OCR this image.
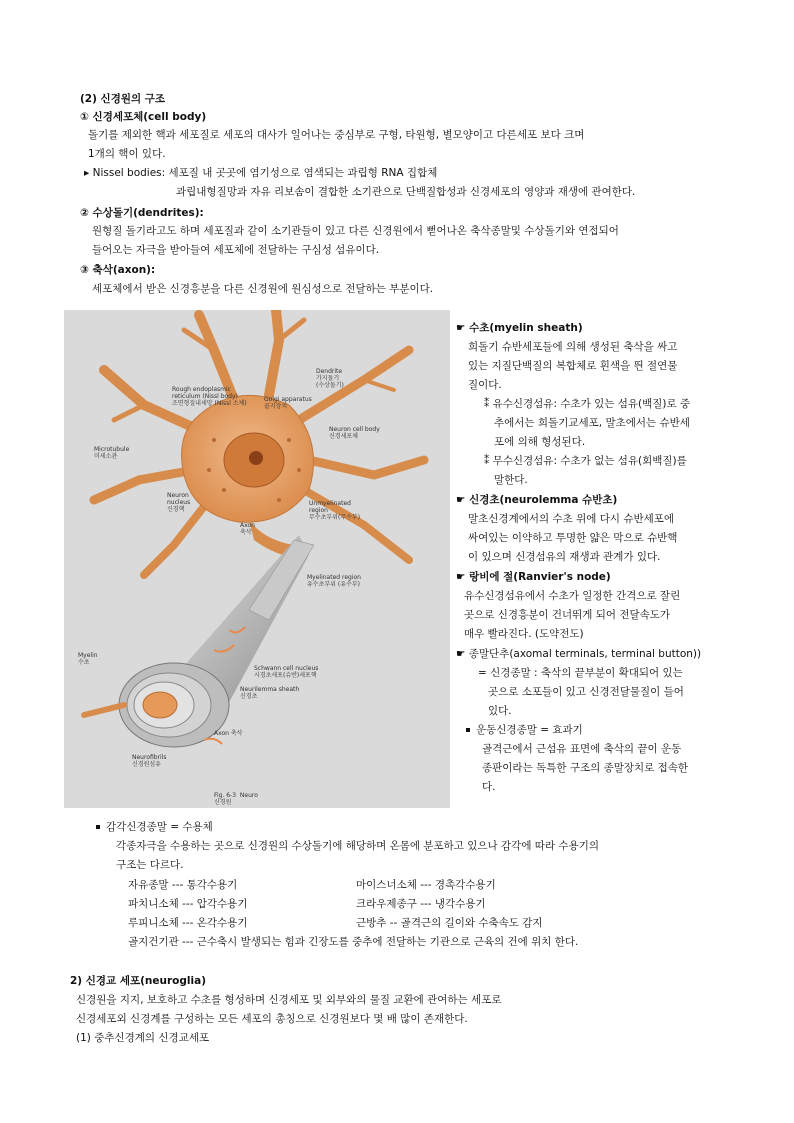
(2) 신경원의 구조
① 신경세포체(cell body)
돌기를 제외한 핵과 세포질로 세포의 대사가 일어나는 중심부로 구형, 타원형, 별모양이고 다른세포 보다 크며
1개의 핵이 있다.
▸ Nissel bodies: 세포질 내 곳곳에 염기성으로 염색되는 과립형 RNA 집합체
과립내형질망과 자유 리보솜이 결합한 소기관으로 단백질합성과 신경세포의 영양과 재생에 관여한다.
② 수상돌기(dendrites):
원형질 돌기라고도 하며 세포질과 같이 소기관들이 있고 다른 신경원에서 뻗어나온 축삭종말및 수상돌기와 연접되어
들어오는 자극을 받아들여 세포체에 전달하는 구심성 섬유이다.
③ 축삭(axon):
세포체에서 받은 신경흥분을 다른 신경원에 원심성으로 전달하는 부분이다.
Rough endoplasmic
reticulum (Nissl body)
조면형질내세망 (Nissl 소체)
Golgi apparatus
골지장치
Dendrite
가지돌기
(수상돌기)
Microtubule
미세소관
Neuron cell body
신경세포체
Neuron
nucleus
신경핵
Unmyelinated
region
무수초부위(무수부)
Axon
축삭
Myelinated region
유수초부위 (유수부)
Myelin
수초
Schwann cell nucleus
시경초세포(슈반)세포핵
Neurilemma sheath
신경초
Axon 축삭
Neurofibrils
신경원섬유
Fig. 6-3  Neuro
신경원
☛ 수초(myelin sheath)
희돌기 슈반세포들에 의해 생성된 축삭을 싸고
있는 지질단백질의 복합체로 흰색을 띈 절연물
질이다.
⁑ 유수신경섬유: 수초가 있는 섬유(백질)로 중
추에서는 희돌기교세포, 말초에서는 슈반세
포에 의해 형성된다.
⁑ 무수신경섬유: 수초가 없는 섬유(회백질)를
말한다.
☛ 신경초(neurolemma 슈반초)
말초신경계에서의 수초 위에 다시 슈반세포에
싸여있는 이약하고 투명한 얇은 막으로 슈반핵
이 있으며 신경섬유의 재생과 관계가 있다.
☛ 랑비에 절(Ranvier's node)
유수신경섬유에서 수초가 일정한 간격으로 잘린
곳으로 신경흥분이 건너뛰게 되어 전달속도가
매우 빨라진다. (도약전도)
☛ 종말단추(axomal terminals, terminal button))
= 신경종말 : 축삭의 끝부분이 확대되어 있는
곳으로 소포들이 있고 신경전달물질이 들어
있다.
운동신경종말 = 효과기
골격근에서 근섬유 표면에 축삭의 끝이 운동
종판이라는 독특한 구조의 종말장치로 접속한
다.
감각신경종말 = 수용체
각종자극을 수용하는 곳으로 신경원의 수상돌기에 해당하며 온몸에 분포하고 있으나 감각에 따라 수용기의
구조는 다르다.
자유종말 --- 통각수용기	마이스너소체 --- 경촉각수용기
파치니소체 --- 압각수용기	크라우제종구 --- 냉각수용기
루피니소체 --- 온각수용기	근방추 -- 골격근의 길이와 수축속도 감지
골지건기관 --- 근수축시 발생되는 힘과 긴장도를 중추에 전달하는 기관으로 근육의 건에 위치 한다.
2) 신경교 세포(neuroglia)
신경원을 지지, 보호하고 수초를 형성하며 신경세포 및 외부와의 물질 교환에 관여하는 세포로
신경세포외 신경계를 구성하는 모든 세포의 총칭으로 신경원보다 몇 배 많이 존재한다.
(1) 중추신경계의 신경교세포
